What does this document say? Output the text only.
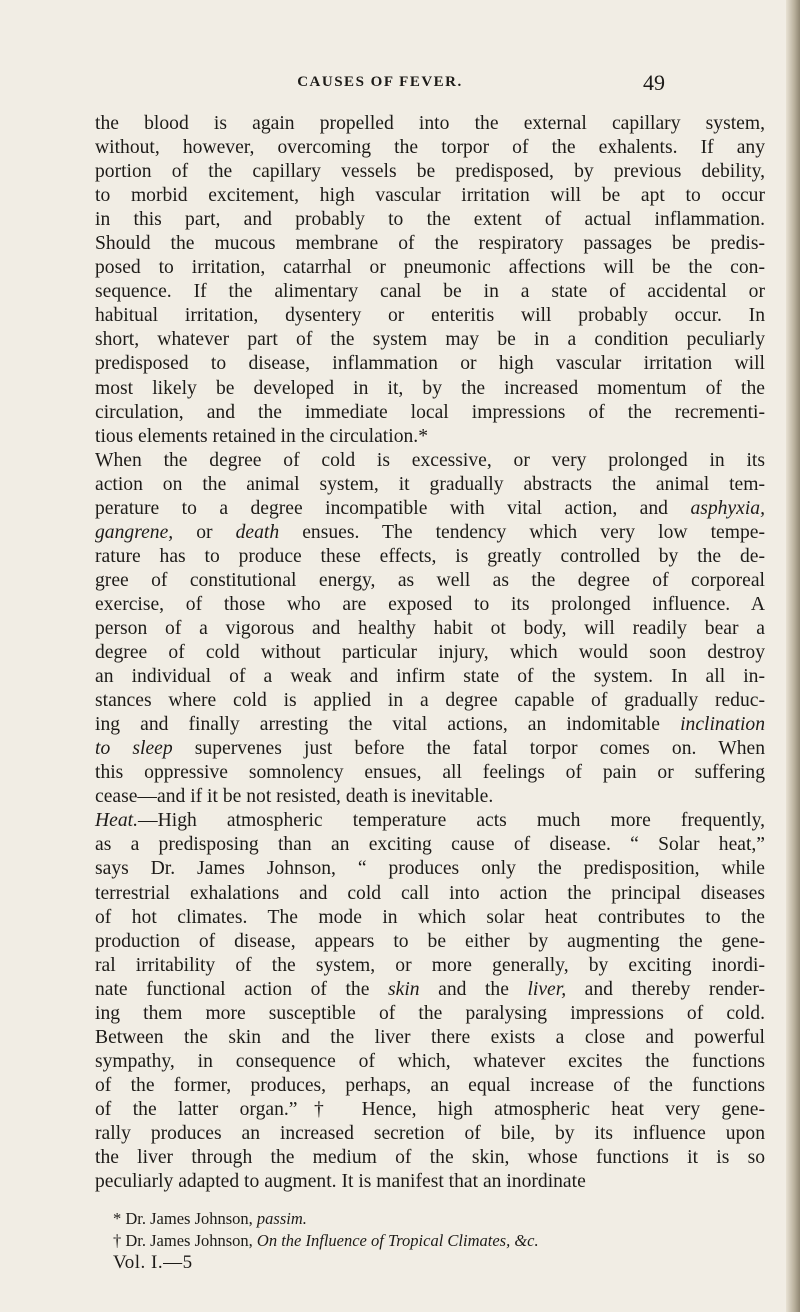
CAUSES OF FEVER.	49
the blood is again propelled into the external capillary system,
without, however, overcoming the torpor of the exhalents. If any
portion of the capillary vessels be predisposed, by previous debility,
to morbid excitement, high vascular irritation will be apt to occur
in this part, and probably to the extent of actual inflammation.
Should the mucous membrane of the respiratory passages be predis-
posed to irritation, catarrhal or pneumonic affections will be the con-
sequence. If the alimentary canal be in a state of accidental or
habitual irritation, dysentery or enteritis will probably occur. In
short, whatever part of the system may be in a condition peculiarly
predisposed to disease, inflammation or high vascular irritation will
most likely be developed in it, by the increased momentum of the
circulation, and the immediate local impressions of the recrementi-
tious elements retained in the circulation.*
When the degree of cold is excessive, or very prolonged in its
action on the animal system, it gradually abstracts the animal tem-
perature to a degree incompatible with vital action, and asphyxia,
gangrene, or death ensues. The tendency which very low tempe-
rature has to produce these effects, is greatly controlled by the de-
gree of constitutional energy, as well as the degree of corporeal
exercise, of those who are exposed to its prolonged influence. A
person of a vigorous and healthy habit ot body, will readily bear a
degree of cold without particular injury, which would soon destroy
an individual of a weak and infirm state of the system. In all in-
stances where cold is applied in a degree capable of gradually reduc-
ing and finally arresting the vital actions, an indomitable inclination
to sleep supervenes just before the fatal torpor comes on. When
this oppressive somnolency ensues, all feelings of pain or suffering
cease—and if it be not resisted, death is inevitable.
Heat.—High atmospheric temperature acts much more frequently,
as a predisposing than an exciting cause of disease. “ Solar heat,”
says Dr. James Johnson, “ produces only the predisposition, while
terrestrial exhalations and cold call into action the principal diseases
of hot climates. The mode in which solar heat contributes to the
production of disease, appears to be either by augmenting the gene-
ral irritability of the system, or more generally, by exciting inordi-
nate functional action of the skin and the liver, and thereby render-
ing them more susceptible of the paralysing impressions of cold.
Between the skin and the liver there exists a close and powerful
sympathy, in consequence of which, whatever excites the functions
of the former, produces, perhaps, an equal increase of the functions
of the latter organ.”† Hence, high atmospheric heat very gene-
rally produces an increased secretion of bile, by its influence upon
the liver through the medium of the skin, whose functions it is so
peculiarly adapted to augment. It is manifest that an inordinate
* Dr. James Johnson, passim.
† Dr. James Johnson, On the Influence of Tropical Climates, &c.
Vol. I.—5
